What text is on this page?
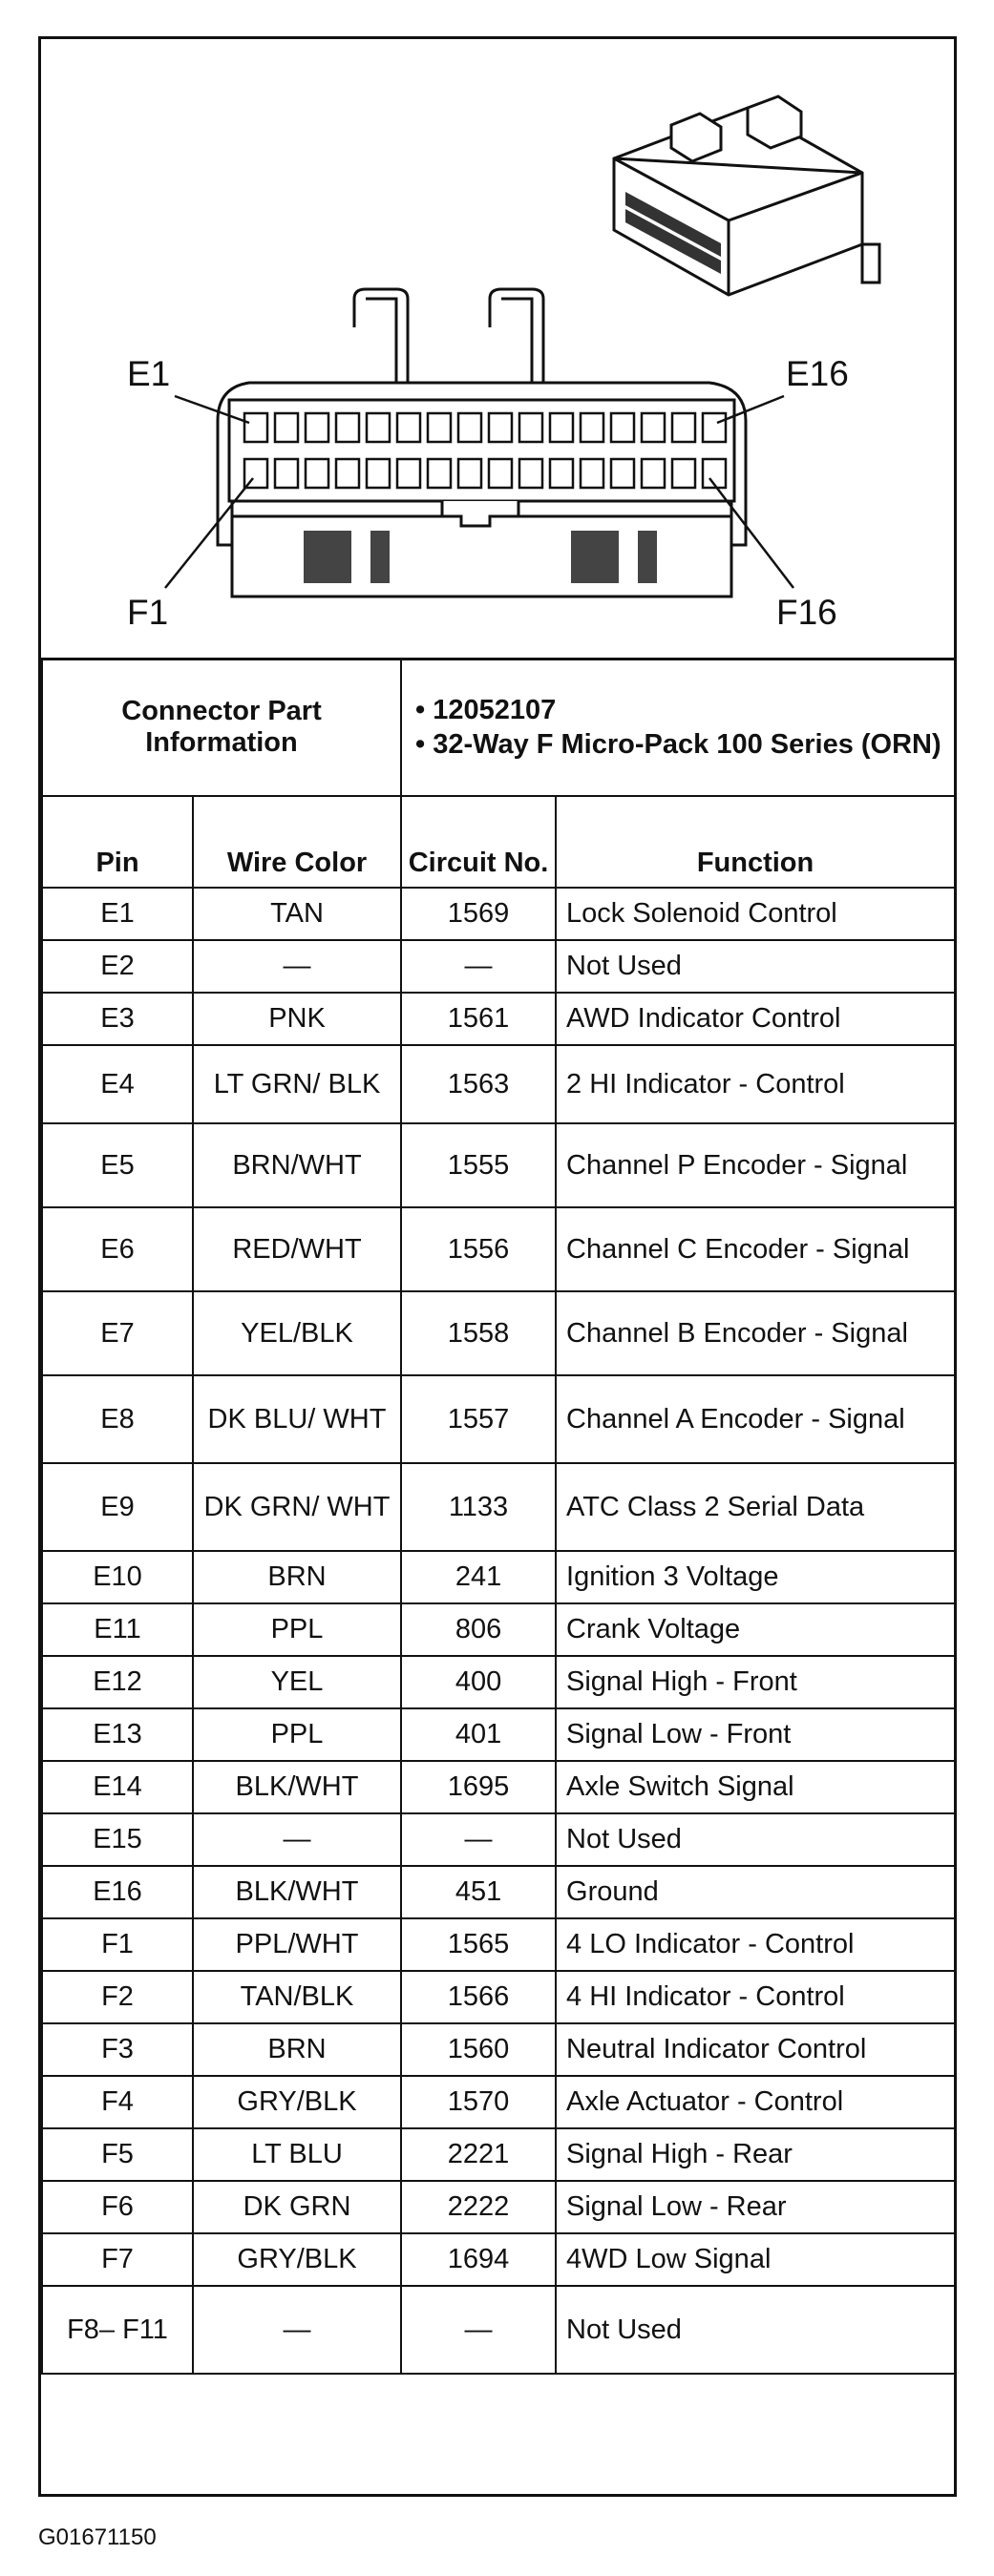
E1	E16
F1	F16
Connector Part Information		• 12052107
• 32-Way F Micro-Pack 100 Series (ORN)	

Pin	Wire Color	Circuit No.	Function
E1	TAN	1569	Lock Solenoid Control
E2	—	—	Not Used
E3	PNK	1561	AWD Indicator Control
E4	LT GRN/ BLK	1563	2 HI Indicator - Control
E5	BRN/WHT	1555	Channel P Encoder - Signal
E6	RED/WHT	1556	Channel C Encoder - Signal
E7	YEL/BLK	1558	Channel B Encoder - Signal
E8	DK BLU/ WHT	1557	Channel A Encoder - Signal
E9	DK GRN/ WHT	1133	ATC Class 2 Serial Data
E10	BRN	241	Ignition 3 Voltage
E11	PPL	806	Crank Voltage
E12	YEL	400	Signal High - Front
E13	PPL	401	Signal Low - Front
E14	BLK/WHT	1695	Axle Switch Signal
E15	—	—	Not Used
E16	BLK/WHT	451	Ground
F1	PPL/WHT	1565	4 LO Indicator - Control
F2	TAN/BLK	1566	4 HI Indicator - Control
F3	BRN	1560	Neutral Indicator Control
F4	GRY/BLK	1570	Axle Actuator - Control
F5	LT BLU	2221	Signal High - Rear
F6	DK GRN	2222	Signal Low - Rear
F7	GRY/BLK	1694	4WD Low Signal
F8– F11	—	—	Not Used
G01671150
